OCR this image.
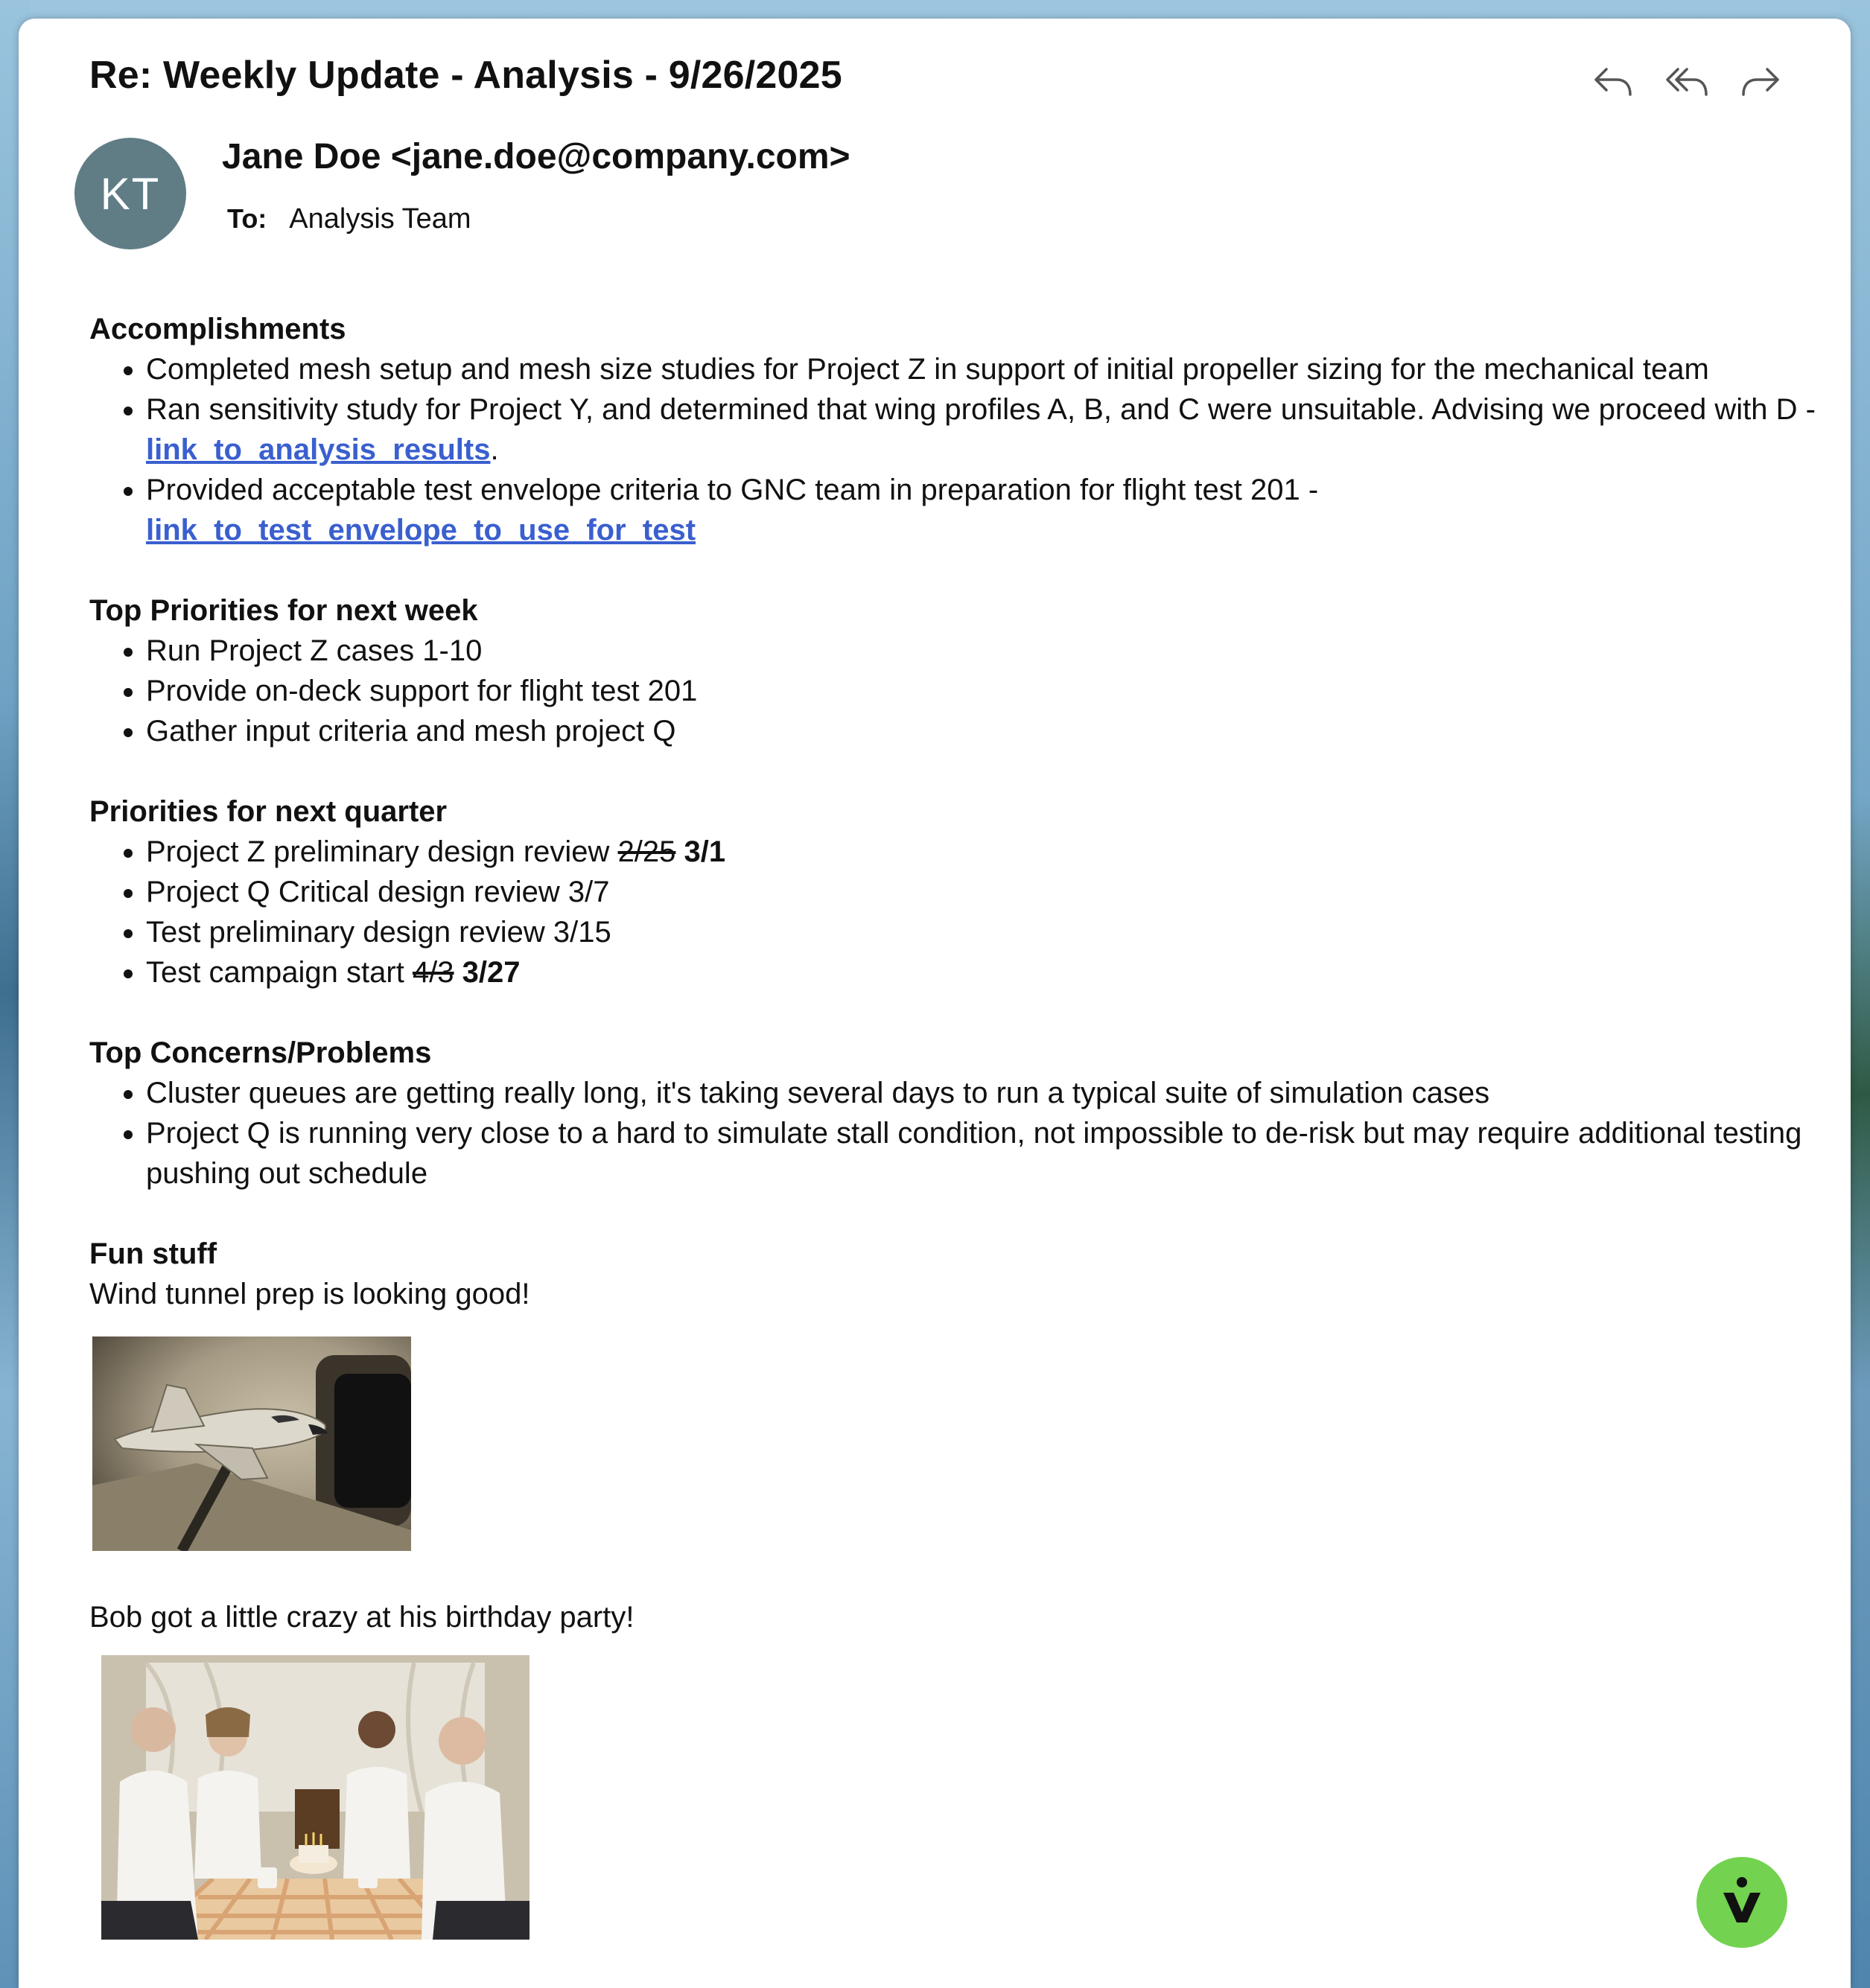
Re: Weekly Update - Analysis - 9/26/2025
KT
Jane Doe <jane.doe@company.com>
To: Analysis Team

Accomplishments

• Completed mesh setup and mesh size studies for Project Z in support of initial propeller sizing for the mechanical team
• Ran sensitivity study for Project Y, and determined that wing profiles A, B, and C were unsuitable. Advising we proceed with D - link_to_analysis_results.
• Provided acceptable test envelope criteria to GNC team in preparation for flight test 201 -
link_to_test_envelope_to_use_for_test

Top Priorities for next week

• Run Project Z cases 1-10
• Provide on-deck support for flight test 201
• Gather input criteria and mesh project Q

Priorities for next quarter

• Project Z preliminary design review 2/25 3/1
• Project Q Critical design review 3/7
• Test preliminary design review 3/15
• Test campaign start 4/3 3/27

Top Concerns/Problems

• Cluster queues are getting really long, it's taking several days to run a typical suite of simulation cases
• Project Q is running very close to a hard to simulate stall condition, not impossible to de-risk but may require additional testing pushing out schedule

Fun stuff

Wind tunnel prep is looking good!

Bob got a little crazy at his birthday party!
